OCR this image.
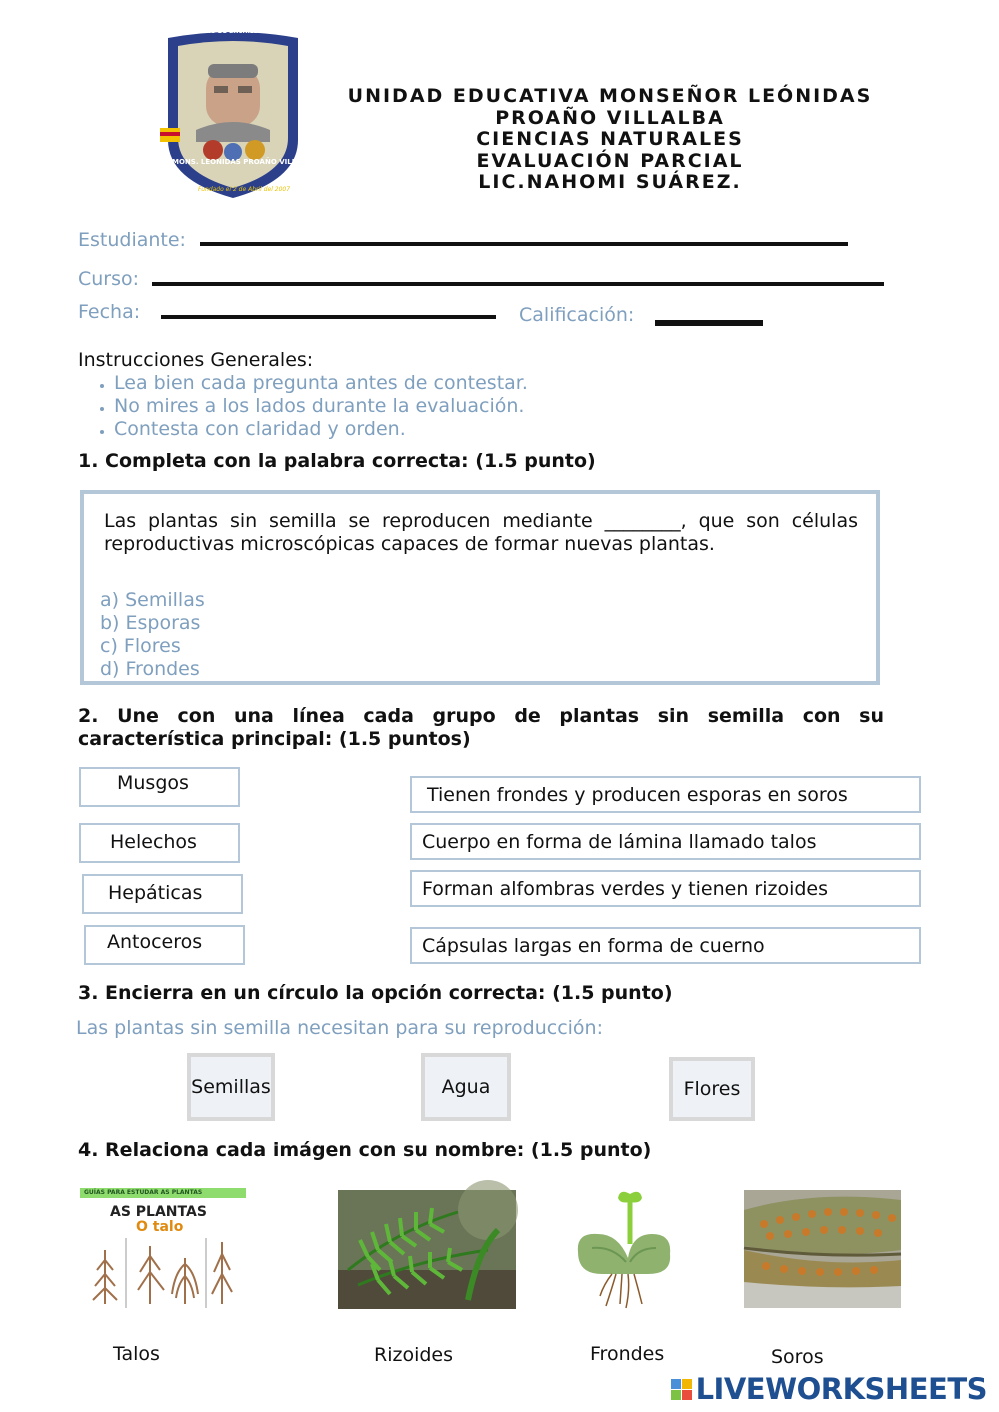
COLEGIO DE BACHILLERATO MUNICIPAL
MONS. LEONIDAS PROAÑO VILLALBA
Fundado el 2 de Abril del 2007
UNIDAD EDUCATIVA MONSEÑOR LEÓNIDAS
PROAÑO VILLALBA
CIENCIAS NATURALES
EVALUACIÓN PARCIAL
LIC.NAHOMI SUÁREZ.
Estudiante:
Curso:
Fecha:	Calificación:
Instrucciones Generales:
• Lea bien cada pregunta antes de contestar.
• No mires a los lados durante la evaluación.
• Contesta con claridad y orden.
1. Completa con la palabra correcta: (1.5 punto)
Las plantas sin semilla se reproducen mediante ________, que son células reproductivas microscópicas capaces de formar nuevas plantas.
a) Semillas
b) Esporas
c) Flores
d) Frondes
2. Une con una línea cada grupo de plantas sin semilla con su característica principal: (1.5 puntos)
Musgos
Helechos
Hepáticas
Antoceros
Tienen frondes y producen esporas en soros
Cuerpo en forma de lámina llamado talos
Forman alfombras verdes y tienen rizoides
Cápsulas largas en forma de cuerno
3. Encierra en un círculo la opción correcta: (1.5 punto)
Las plantas sin semilla necesitan para su reproducción:
Semillas	Agua	Flores
4. Relaciona cada imágen con su nombre: (1.5 punto)
GUÍAS PARA ESTUDAR AS PLANTAS
AS PLANTAS
O talo
Talos	Rizoides	Frondes	Soros
LIVEWORKSHEETS
